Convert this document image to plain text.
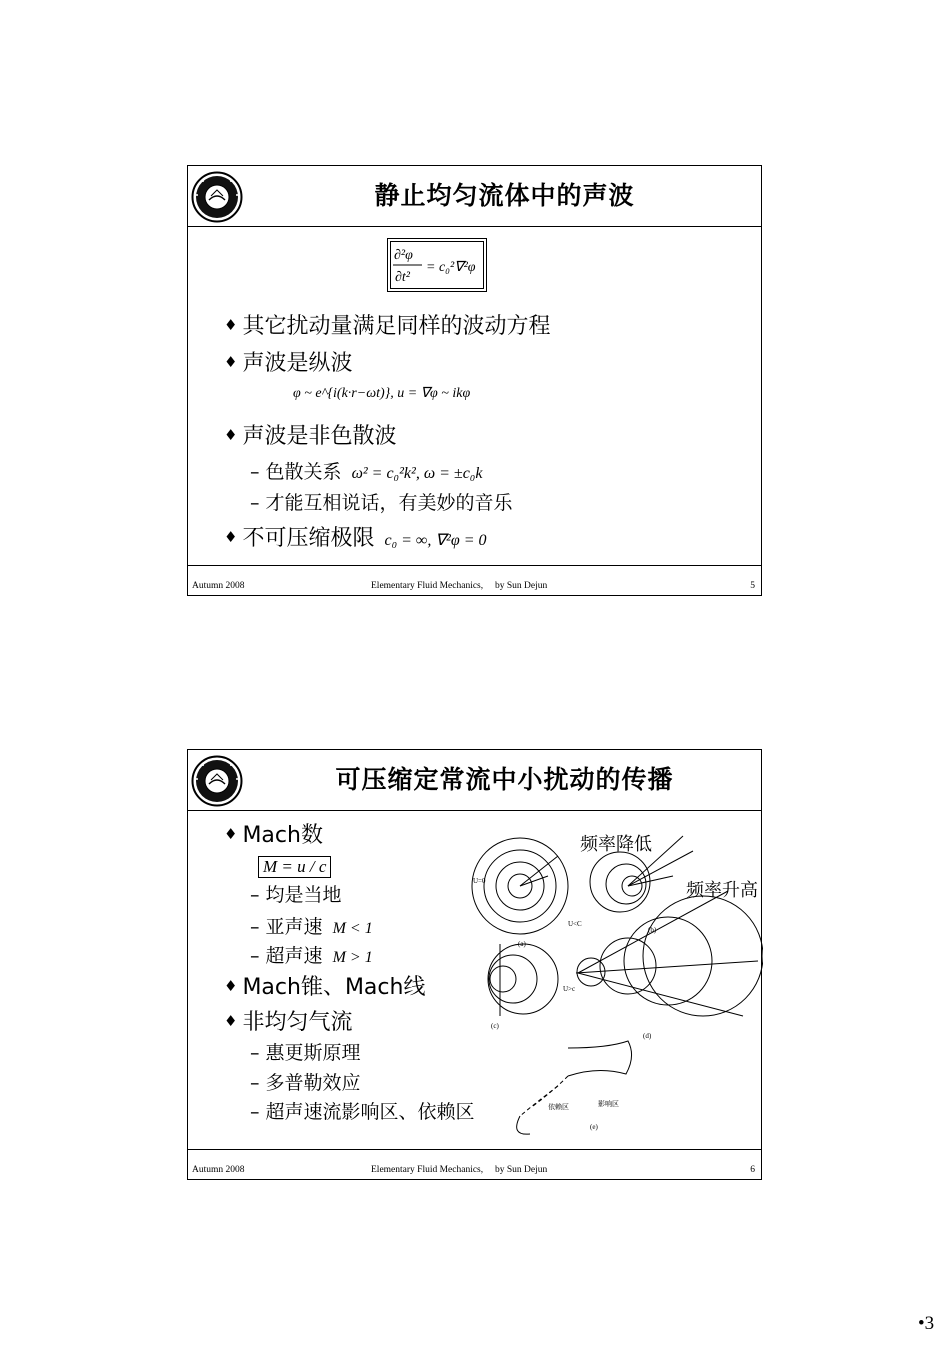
静止均匀流体中的声波
∂²φ
∂t²
= c₀²∇²φ
♦ 其它扰动量满足同样的波动方程
♦ 声波是纵波
φ ~ e^{i(k·r−ωt)}, u = ∇φ ~ ikφ
♦ 声波是非色散波
– 色散关系 ω² = c₀²k², ω = ±c₀k
– 才能互相说话，有美妙的音乐
♦ 不可压缩极限 c₀ = ∞, ∇²φ = 0
Autumn 2008	Elementary Fluid Mechanics,     by Sun Dejun	5
可压缩定常流中小扰动的传播
(a)
(b)
(c)
(d)
(e)
U=0
U<C
U>c
影响区
依赖区
频率降低
频率升高
♦ Mach数
M = u / c
– 均是当地
– 亚声速 M < 1
– 超声速 M > 1
♦ Mach锥、Mach线
♦ 非均匀气流
– 惠更斯原理
– 多普勒效应
– 超声速流影响区、依赖区
Autumn 2008	Elementary Fluid Mechanics,     by Sun Dejun	6
•3
